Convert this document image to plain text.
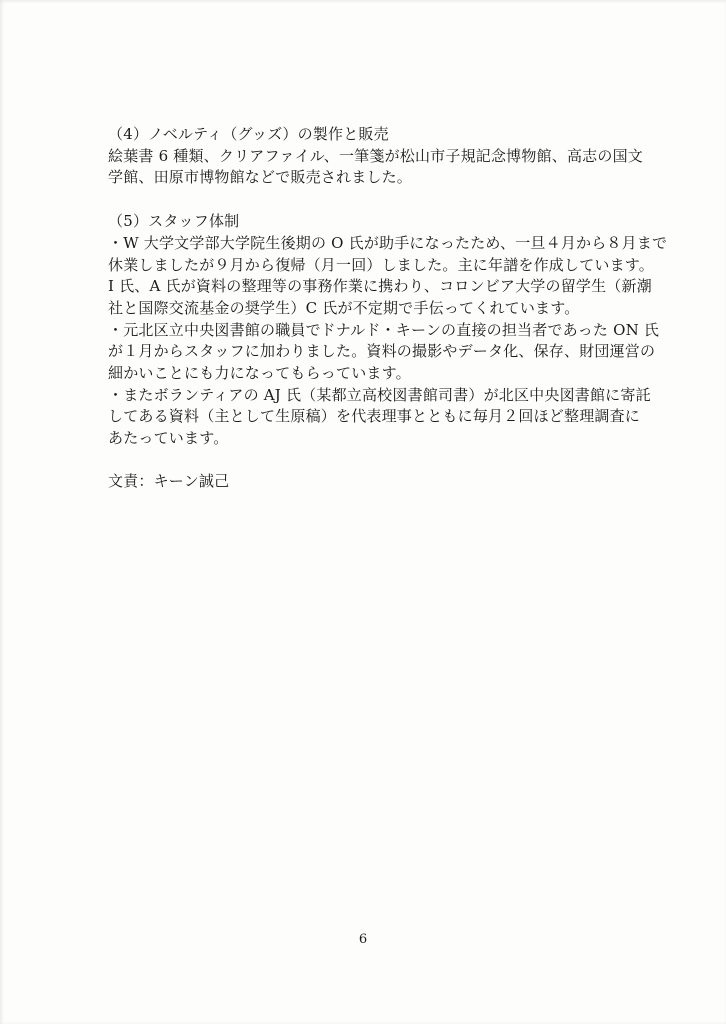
（4）ノベルティ（グッズ）の製作と販売
絵葉書 6 種類、クリアファイル、一筆箋が松山市子規記念博物館、高志の国文
学館、田原市博物館などで販売されました。
（5）スタッフ体制
・W 大学文学部大学院生後期の O 氏が助手になったため、一旦４月から８月まで
休業しましたが９月から復帰（月一回）しました。主に年譜を作成しています。
I 氏、A 氏が資料の整理等の事務作業に携わり、コロンビア大学の留学生（新潮
社と国際交流基金の奨学生）C 氏が不定期で手伝ってくれています。
・元北区立中央図書館の職員でドナルド・キーンの直接の担当者であった ON 氏
が１月からスタッフに加わりました。資料の撮影やデータ化、保存、財団運営の
細かいことにも力になってもらっています。
・またボランティアの AJ 氏（某都立高校図書館司書）が北区中央図書館に寄託
してある資料（主として生原稿）を代表理事とともに毎月２回ほど整理調査に
あたっています。
文責：キーン誠己
6
